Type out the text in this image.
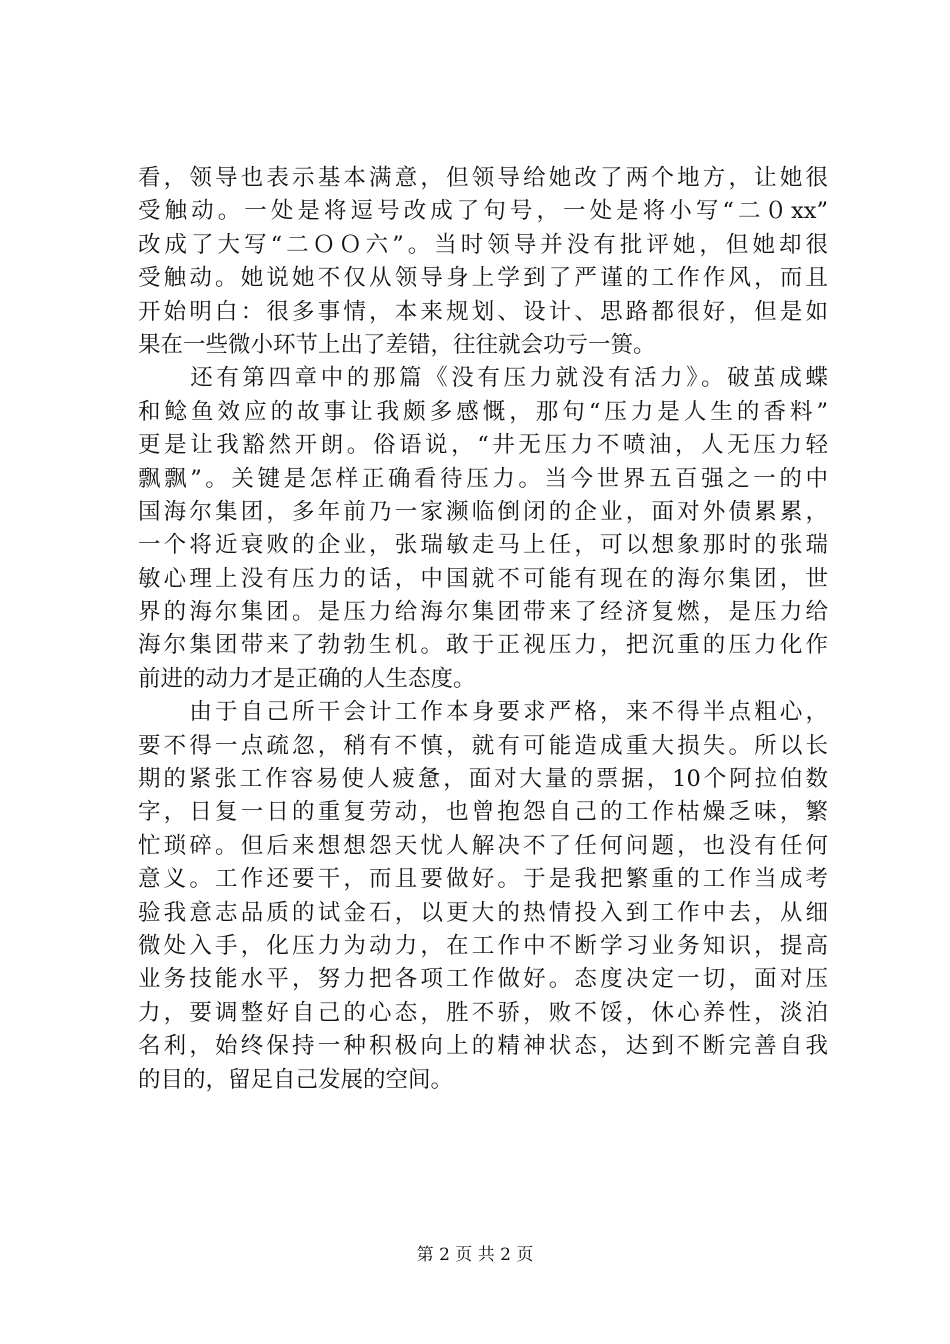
看，领导也表示基本满意，但领导给她改了两个地方，让她很
受触动。一处是将逗号改成了句号，一处是将小写“二０xx”
改成了大写“二ＯＯ六”。当时领导并没有批评她，但她却很
受触动。她说她不仅从领导身上学到了严谨的工作作风，而且
开始明白：很多事情，本来规划、设计、思路都很好，但是如
果在一些微小环节上出了差错，往往就会功亏一篑。
　　还有第四章中的那篇《没有压力就没有活力》。破茧成蝶
和鲶鱼效应的故事让我颇多感慨，那句“压力是人生的香料”
更是让我豁然开朗。俗语说，“井无压力不喷油，人无压力轻
飘飘”。关键是怎样正确看待压力。当今世界五百强之一的中
国海尔集团，多年前乃一家濒临倒闭的企业，面对外债累累，
一个将近衰败的企业，张瑞敏走马上任，可以想象那时的张瑞
敏心理上没有压力的话，中国就不可能有现在的海尔集团，世
界的海尔集团。是压力给海尔集团带来了经济复燃，是压力给
海尔集团带来了勃勃生机。敢于正视压力，把沉重的压力化作
前进的动力才是正确的人生态度。
　　由于自己所干会计工作本身要求严格，来不得半点粗心，
要不得一点疏忽，稍有不慎，就有可能造成重大损失。所以长
期的紧张工作容易使人疲惫，面对大量的票据，10个阿拉伯数
字，日复一日的重复劳动，也曾抱怨自己的工作枯燥乏味，繁
忙琐碎。但后来想想怨天忧人解决不了任何问题，也没有任何
意义。工作还要干，而且要做好。于是我把繁重的工作当成考
验我意志品质的试金石，以更大的热情投入到工作中去，从细
微处入手，化压力为动力，在工作中不断学习业务知识，提高
业务技能水平，努力把各项工作做好。态度决定一切，面对压
力，要调整好自己的心态，胜不骄，败不馁，休心养性，淡泊
名利，始终保持一种积极向上的精神状态，达到不断完善自我
的目的，留足自己发展的空间。
第 2 页 共 2 页
